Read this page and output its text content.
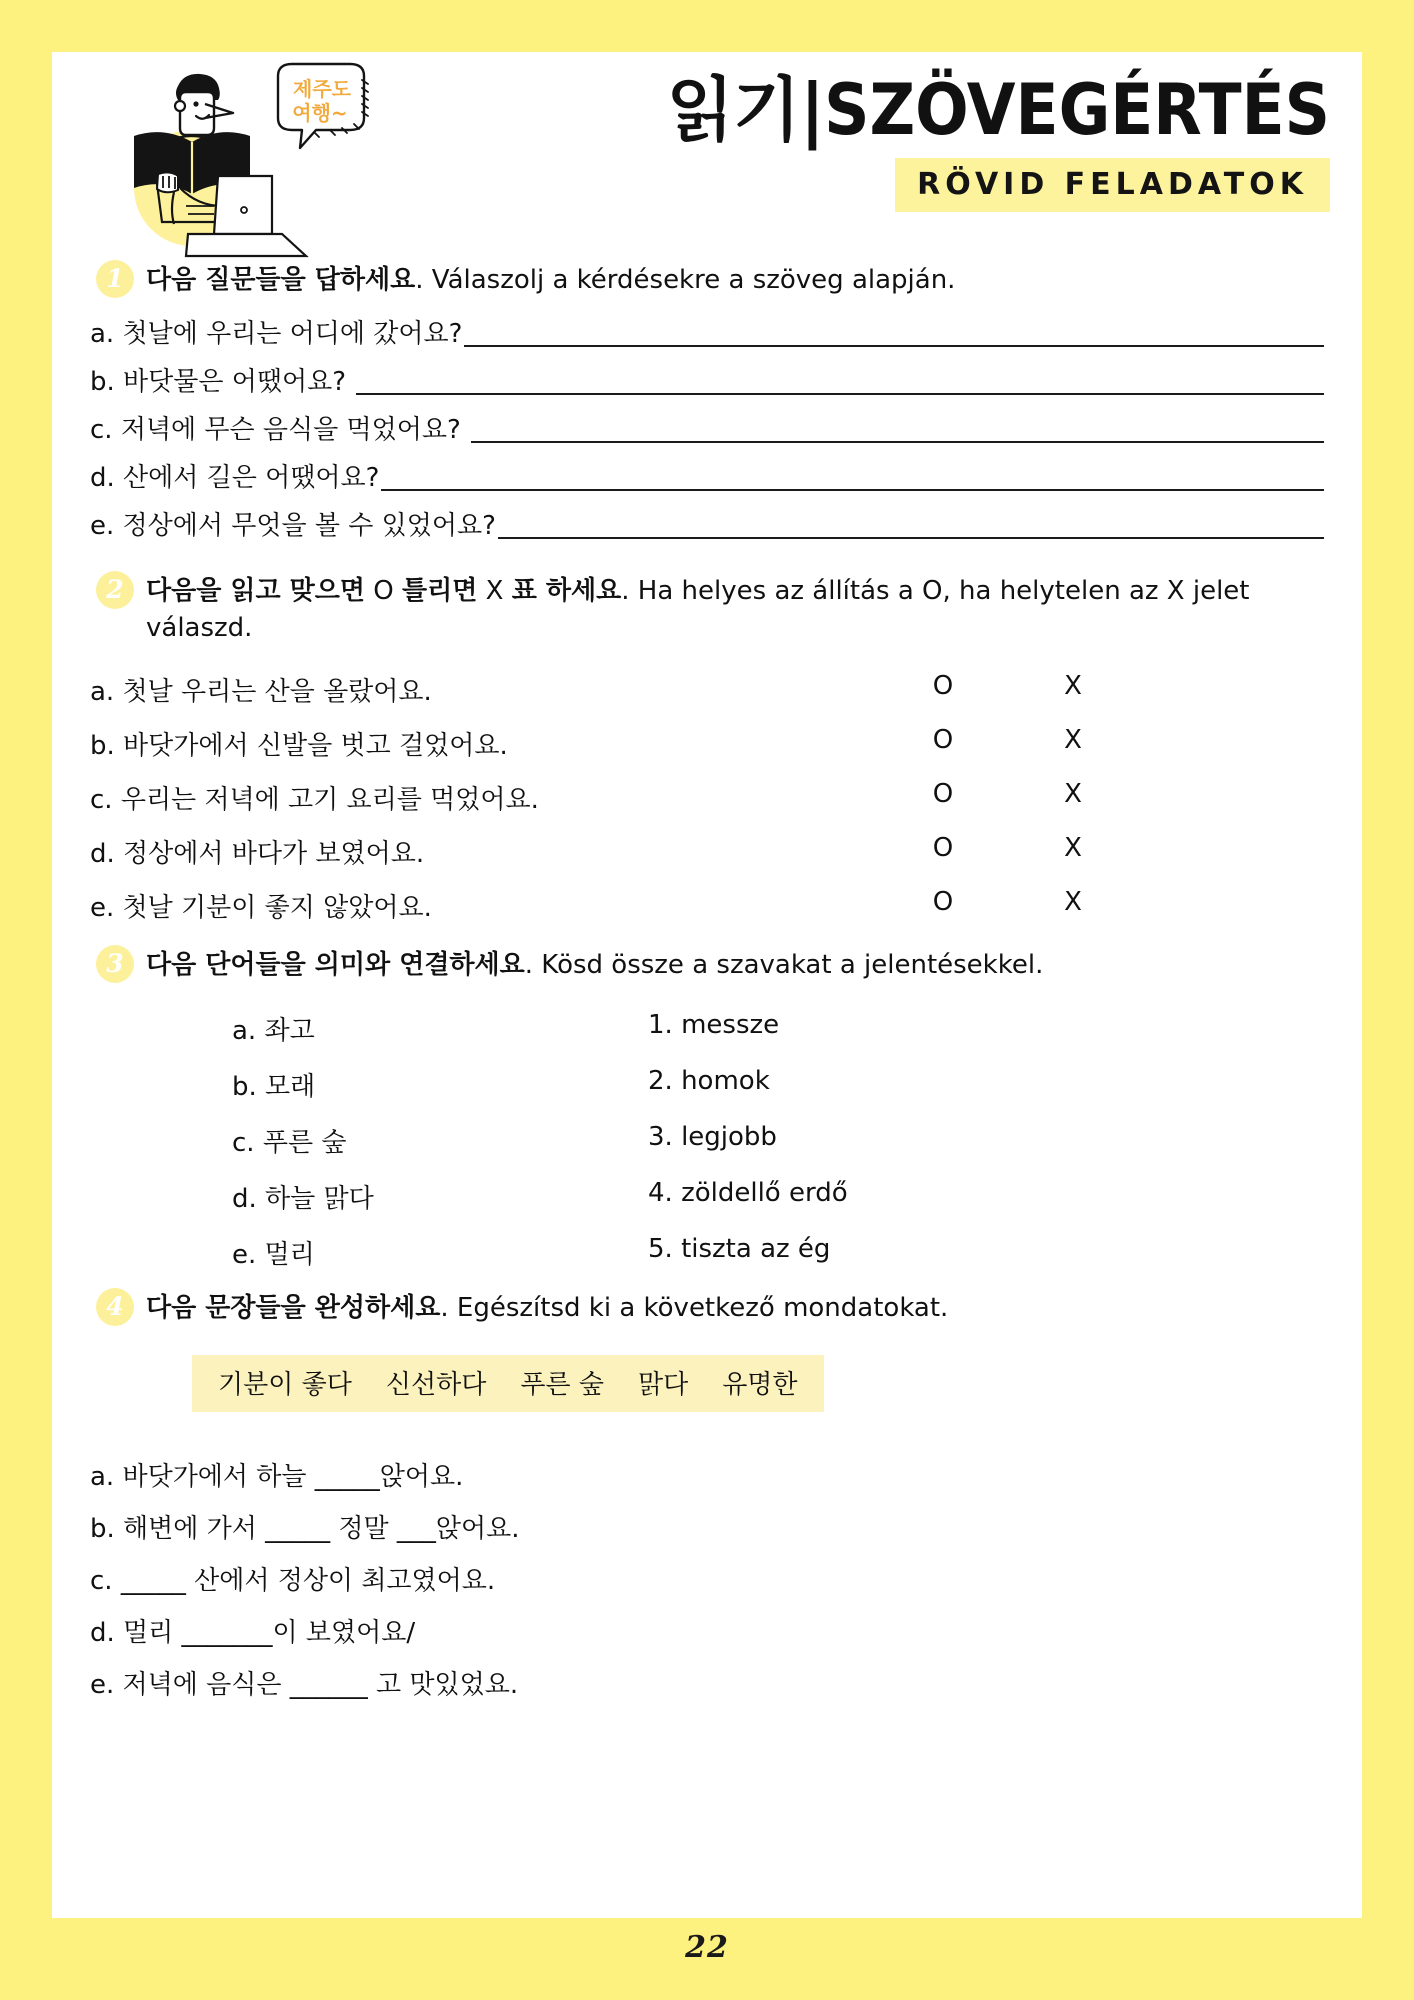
제주도
여행~	읽기|SZÖVEGÉRTÉS
RÖVID FELADATOK
1 다음 질문들을 답하세요. Válaszolj a kérdésekre a szöveg alapján.
a. 첫날에 우리는 어디에 갔어요?
b. 바닷물은 어땠어요?
c. 저녁에 무슨 음식을 먹었어요?
d. 산에서 길은 어땠어요?
e. 정상에서 무엇을 볼 수 있었어요?
2 다음을 읽고 맞으면 O 틀리면 X 표 하세요. Ha helyes az állítás a O, ha helytelen az X jelet válaszd.
a. 첫날 우리는 산을 올랐어요.	O	X
b. 바닷가에서 신발을 벗고 걸었어요.	O	X
c. 우리는 저녁에 고기 요리를 먹었어요.	O	X
d. 정상에서 바다가 보였어요.	O	X
e. 첫날 기분이 좋지 않았어요.	O	X
3 다음 단어들을 의미와 연결하세요. Kösd össze a szavakat a jelentésekkel.
a. 좌고	1. messze
b. 모래	2. homok
c. 푸른 숲	3. legjobb
d. 하늘 맑다	4. zöldellő erdő
e. 멀리	5. tiszta az ég
4 다음 문장들을 완성하세요. Egészítsd ki a következő mondatokat.
기분이 좋다 신선하다 푸른 숲 맑다 유명한
a. 바닷가에서 하늘 _____앉어요.
b. 해변에 가서 _____ 정말 ___앉어요.
c. _____ 산에서 정상이 최고였어요.
d. 멀리 _______이 보였어요/
e. 저녁에 음식은 ______ 고 맛있었요.
22
